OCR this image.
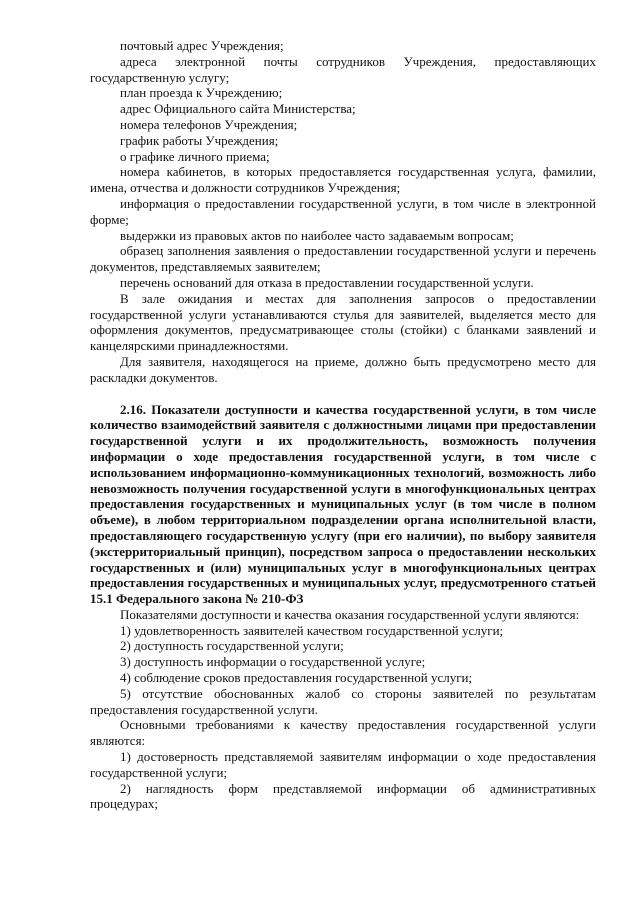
почтовый адрес Учреждения;

адреса электронной почты сотрудников Учреждения, предоставляющих государственную услугу;

план проезда к Учреждению;

адрес Официального сайта Министерства;

номера телефонов Учреждения;

график работы Учреждения;

о графике личного приема;

номера кабинетов, в которых предоставляется государственная услуга, фамилии, имена, отчества и должности сотрудников Учреждения;

информация о предоставлении государственной услуги, в том числе в электронной форме;

выдержки из правовых актов по наиболее часто задаваемым вопросам;

образец заполнения заявления о предоставлении государственной услуги и перечень документов, представляемых заявителем;

перечень оснований для отказа в предоставлении государственной услуги.

В зале ожидания и местах для заполнения запросов о предоставлении государственной услуги устанавливаются стулья для заявителей, выделяется место для оформления документов, предусматривающее столы (стойки) с бланками заявлений и канцелярскими принадлежностями.

Для заявителя, находящегося на приеме, должно быть предусмотрено место для раскладки документов.

2.16. Показатели доступности и качества государственной услуги, в том числе количество взаимодействий заявителя с должностными лицами при предоставлении государственной услуги и их продолжительность, возможность получения информации о ходе предоставления государственной услуги, в том числе с использованием информационно-коммуникационных технологий, возможность либо невозможность получения государственной услуги в многофункциональных центрах предоставления государственных и муниципальных услуг (в том числе в полном объеме), в любом территориальном подразделении органа исполнительной власти, предоставляющего государственную услугу (при его наличии), по выбору заявителя (экстерриториальный принцип), посредством запроса о предоставлении нескольких государственных и (или) муниципальных услуг в многофункциональных центрах предоставления государственных и муниципальных услуг, предусмотренного статьей 15.1 Федерального закона № 210-ФЗ

Показателями доступности и качества оказания государственной услуги являются:

1) удовлетворенность заявителей качеством государственной услуги;

2) доступность государственной услуги;

3) доступность информации о государственной услуге;

4) соблюдение сроков предоставления государственной услуги;

5) отсутствие обоснованных жалоб со стороны заявителей по результатам предоставления государственной услуги.

Основными требованиями к качеству предоставления государственной услуги являются:

1) достоверность представляемой заявителям информации о ходе предоставления государственной услуги;

2) наглядность форм представляемой информации об административных процедурах;
